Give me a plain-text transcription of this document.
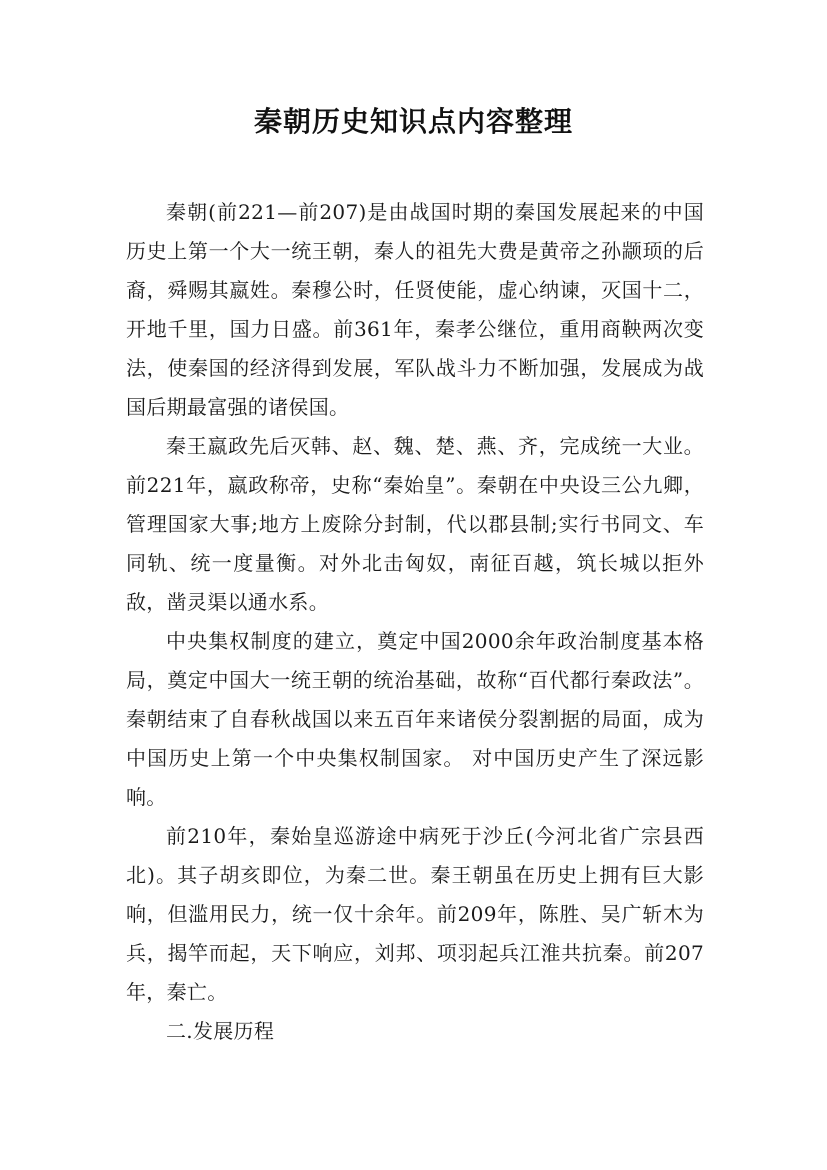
秦朝历史知识点内容整理

秦朝(前221—前207)是由战国时期的秦国发展起来的中国历史上第一个大一统王朝，秦人的祖先大费是黄帝之孙颛顼的后裔，舜赐其嬴姓。秦穆公时，任贤使能，虚心纳谏，灭国十二，开地千里，国力日盛。前361年，秦孝公继位，重用商鞅两次变法，使秦国的经济得到发展，军队战斗力不断加强，发展成为战国后期最富强的诸侯国。

秦王嬴政先后灭韩、赵、魏、楚、燕、齐，完成统一大业。前221年，嬴政称帝，史称“秦始皇”。秦朝在中央设三公九卿，管理国家大事;地方上废除分封制，代以郡县制;实行书同文、车同轨、统一度量衡。对外北击匈奴，南征百越，筑长城以拒外敌，凿灵渠以通水系。

中央集权制度的建立，奠定中国2000余年政治制度基本格局，奠定中国大一统王朝的统治基础，故称“百代都行秦政法”。 秦朝结束了自春秋战国以来五百年来诸侯分裂割据的局面，成为中国历史上第一个中央集权制国家。 对中国历史产生了深远影响。

前210年，秦始皇巡游途中病死于沙丘(今河北省广宗县西北)。其子胡亥即位，为秦二世。秦王朝虽在历史上拥有巨大影响，但滥用民力，统一仅十余年。前209年，陈胜、吴广斩木为兵，揭竿而起，天下响应，刘邦、项羽起兵江淮共抗秦。前207年，秦亡。

二.发展历程
